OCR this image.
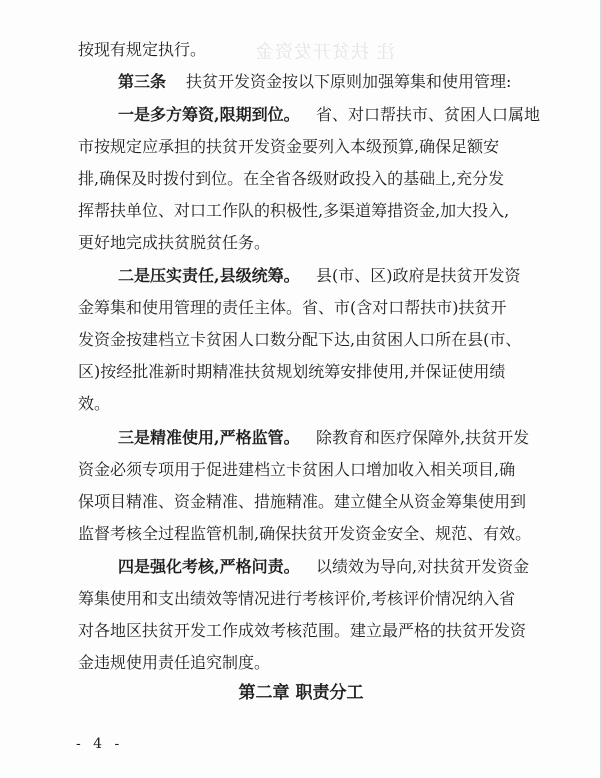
注 扶贫开发资金
按现有规定执行。
第三条 扶贫开发资金按以下原则加强筹集和使用管理:
一是多方筹资,限期到位。 省、对口帮扶市、贫困人口属地
市按规定应承担的扶贫开发资金要列入本级预算,确保足额安
排,确保及时拨付到位。在全省各级财政投入的基础上,充分发
挥帮扶单位、对口工作队的积极性,多渠道筹措资金,加大投入,
更好地完成扶贫脱贫任务。
二是压实责任,县级统筹。 县(市、区)政府是扶贫开发资
金筹集和使用管理的责任主体。省、市(含对口帮扶市)扶贫开
发资金按建档立卡贫困人口数分配下达,由贫困人口所在县(市、
区)按经批准新时期精准扶贫规划统筹安排使用,并保证使用绩
效。
三是精准使用,严格监管。 除教育和医疗保障外,扶贫开发
资金必须专项用于促进建档立卡贫困人口增加收入相关项目,确
保项目精准、资金精准、措施精准。建立健全从资金筹集使用到
监督考核全过程监管机制,确保扶贫开发资金安全、规范、有效。
四是强化考核,严格问责。 以绩效为导向,对扶贫开发资金
筹集使用和支出绩效等情况进行考核评价,考核评价情况纳入省
对各地区扶贫开发工作成效考核范围。建立最严格的扶贫开发资
金违规使用责任追究制度。
第二章 职责分工
- 4 -
